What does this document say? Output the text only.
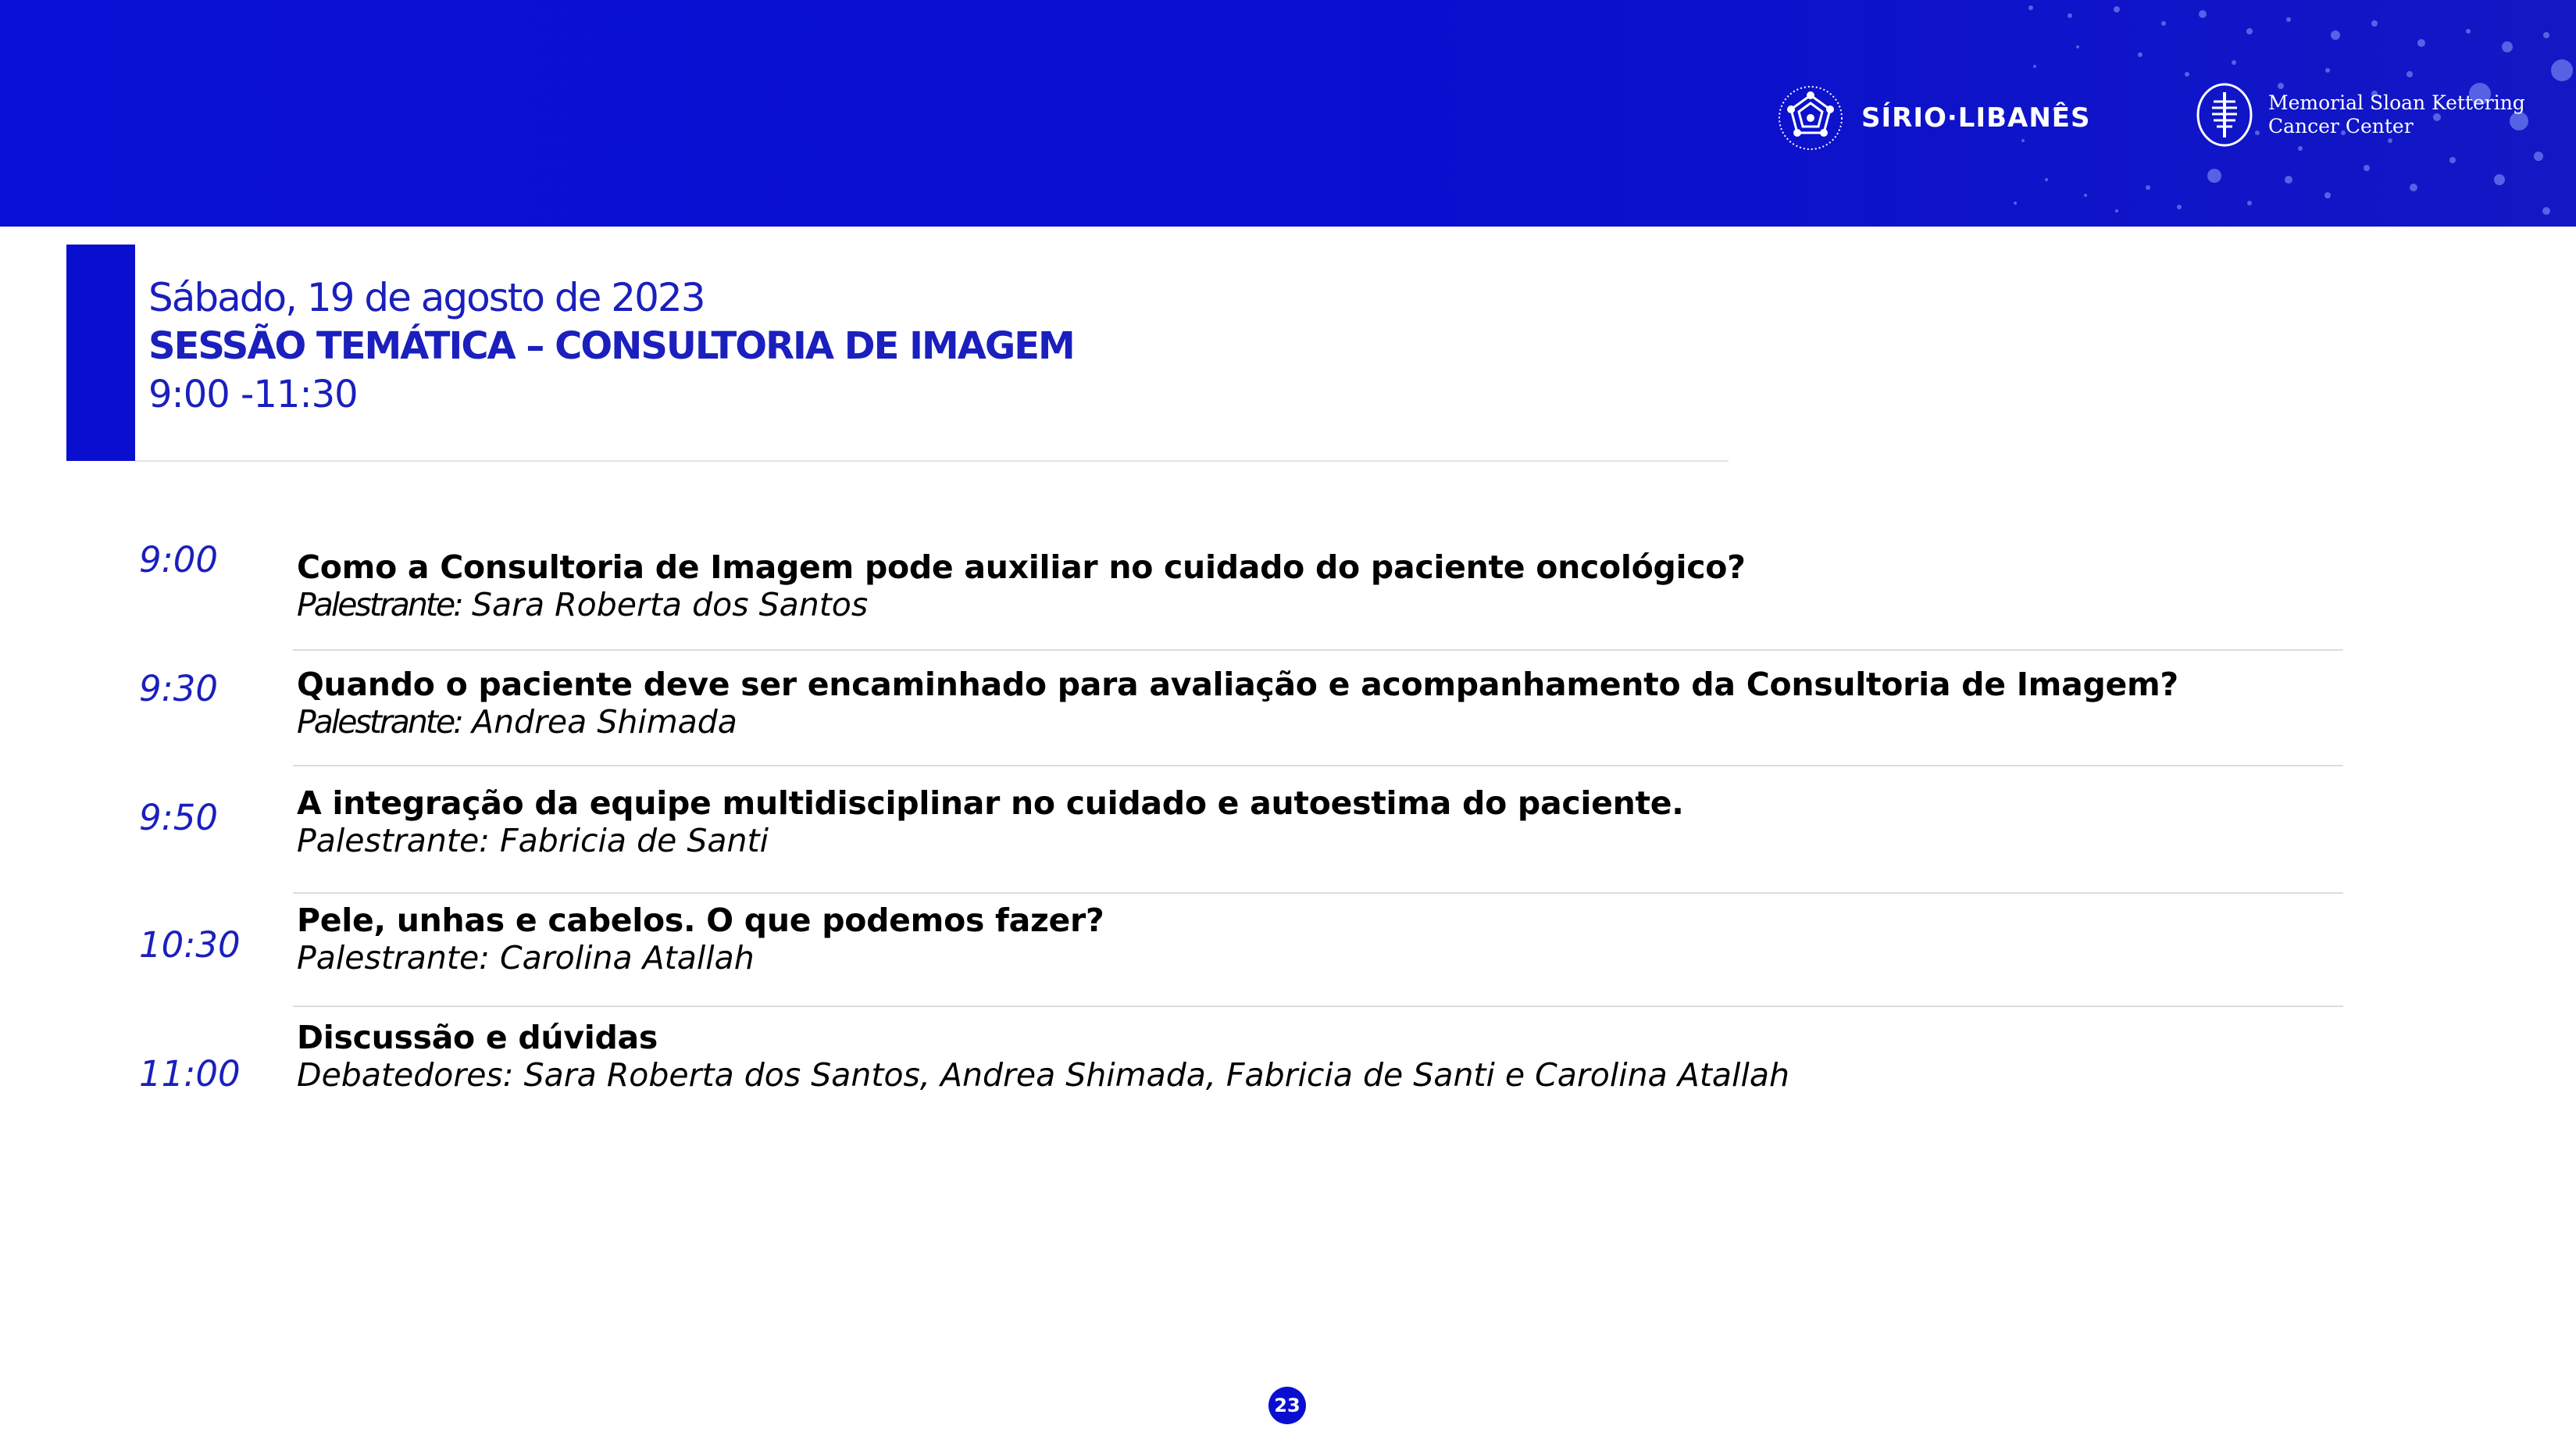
SÍRIO·LIBANÊS	Memorial Sloan Kettering
Cancer Center
Sábado, 19 de agosto de 2023
SESSÃO TEMÁTICA – CONSULTORIA DE IMAGEM
9:00 -11:30
9:00 Como a Consultoria de Imagem pode auxiliar no cuidado do paciente oncológico?
Palestrante: Sara Roberta dos Santos
9:30 Quando o paciente deve ser encaminhado para avaliação e acompanhamento da Consultoria de Imagem?
Palestrante: Andrea Shimada
9:50 A integração da equipe multidisciplinar no cuidado e autoestima do paciente.
Palestrante: Fabricia de Santi
10:30
Pele, unhas e cabelos. O que podemos fazer?
Palestrante: Carolina Atallah
11:00
Discussão e dúvidas
Debatedores: Sara Roberta dos Santos, Andrea Shimada, Fabricia de Santi e Carolina Atallah
23
